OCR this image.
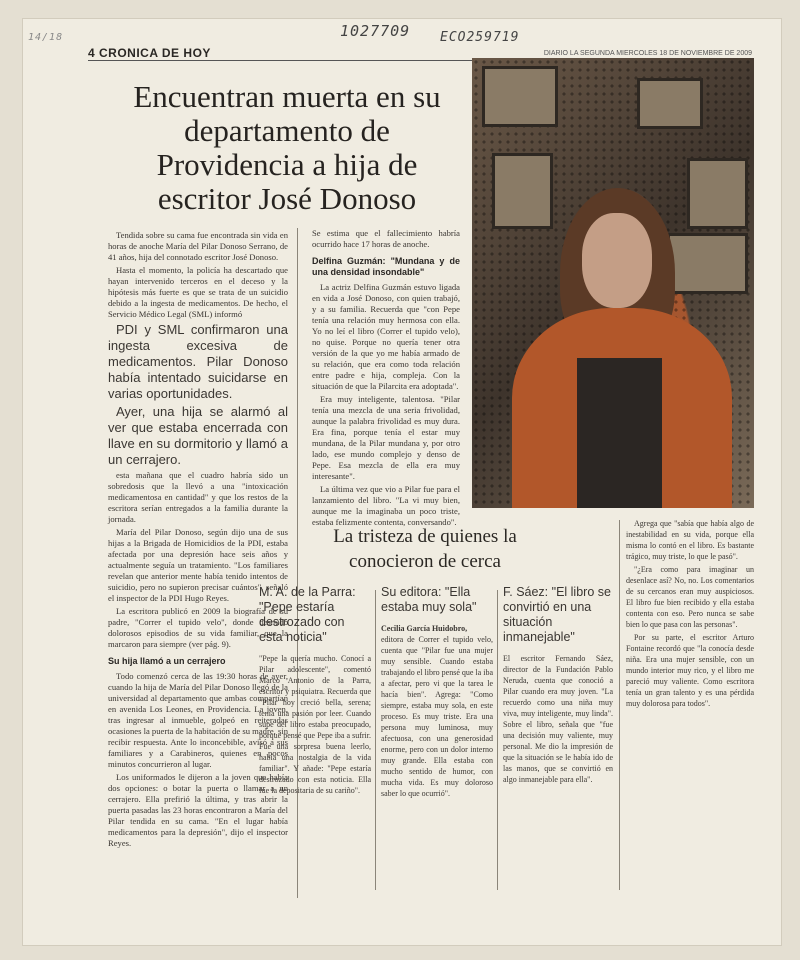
14/18	1027709 ECO259719
4 CRONICA DE HOY	DIARIO LA SEGUNDA MIERCOLES 18 DE NOVIEMBRE DE 2009
Encuentran muerta en su departamento de Providencia a hija de escritor José Donoso

Tendida sobre su cama fue encontrada sin vida en horas de anoche María del Pilar Donoso Serrano, de 41 años, hija del connotado escritor José Donoso.

Hasta el momento, la policía ha descartado que hayan intervenido terceros en el deceso y la hipótesis más fuerte es que se trata de un suicidio debido a la ingesta de medicamentos. De hecho, el Servicio Médico Legal (SML) informó

PDI y SML confirmaron una ingesta excesiva de medicamentos. Pilar Donoso había intentado suicidarse en varias oportunidades.

Ayer, una hija se alarmó al ver que estaba encerrada con llave en su dormitorio y llamó a un cerrajero.

esta mañana que el cuadro habría sido un sobredosis que la llevó a una "intoxicación medicamentosa en cantidad" y que los restos de la escritora serían entregados a la familia durante la jornada.

María del Pilar Donoso, según dijo una de sus hijas a la Brigada de Homicidios de la PDI, estaba afectada por una depresión hace seis años y actualmente seguía un tratamiento. "Los familiares revelan que anterior mente había tenido intentos de suicidio, pero no supieron precisar cuántos", señaló el inspector de la PDI Hugo Reyes.

La escritora publicó en 2009 la biografía de su padre, "Correr el tupido velo", donde desnudó dolorosos episodios de su vida familiar, que la marcaron para siempre (ver pág. 9).

Su hija llamó a un cerrajero

Todo comenzó cerca de las 19:30 horas de ayer, cuando la hija de María del Pilar Donoso llegó de la universidad al departamento que ambas compartían en avenida Los Leones, en Providencia. La joven, tras ingresar al inmueble, golpeó en reiteradas ocasiones la puerta de la habitación de su madre, sin recibir respuesta. Ante lo inconcebible, avisó a sus familiares y a Carabineros, quienes en pocos minutos concurrieron al lugar.

Los uniformados le dijeron a la joven que había dos opciones: o botar la puerta o llamar a un cerrajero. Ella prefirió la última, y tras abrir la puerta pasadas las 23 horas encontraron a María del Pilar tendida en su cama. "En el lugar había medicamentos para la depresión", dijo el inspector Reyes.

Se estima que el fallecimiento habría ocurrido hace 17 horas de anoche.

Delfina Guzmán: "Mundana y de una densidad insondable"

La actriz Delfina Guzmán estuvo ligada en vida a José Donoso, con quien trabajó, y a su familia. Recuerda que "con Pepe tenía una relación muy hermosa con ella. Yo no leí el libro (Correr el tupido velo), no quise. Porque no quería tener otra versión de la que yo me había armado de su relación, que era como toda relación entre padre e hija, compleja. Con la situación de que la Pilarcita era adoptada".

Era muy inteligente, talentosa. "Pilar tenía una mezcla de una seria frivolidad, aunque la palabra frivolidad es muy dura. Era fina, porque tenía el estar muy mundana, de la Pilar mundana y, por otro lado, ese mundo complejo y denso de Pepe. Esa mezcla de ella era muy interesante".

La última vez que vio a Pilar fue para el lanzamiento del libro. "La vi muy bien, aunque me la imaginaba un poco triste, estaba felizmente contenta, conversando".

La tristeza de quienes la conocieron de cerca
M. A. de la Parra: "Pepe estaría destrozado con esta noticia"
"Pepe la quería mucho. Conocí a Pilar adolescente", comentó Marco Antonio de la Parra, escritor y psiquiatra. Recuerda que "Pilar hoy creció bella, serena; tenía una pasión por leer. Cuando supe del libro estaba preocupado, porque pensé que Pepe iba a sufrir. Fue una sorpresa buena leerlo, había una nostalgia de la vida familiar". Y añade: "Pepe estaría destrozado con esta noticia. Ella fue la depositaria de su cariño".
Su editora: "Ella estaba muy sola"
Cecilia García Huidobro,
editora de Correr el tupido velo, cuenta que "Pilar fue una mujer muy sensible. Cuando estaba trabajando el libro pensé que la iba a afectar, pero vi que la tarea le hacía bien". Agrega: "Como siempre, estaba muy sola, en este proceso. Es muy triste. Era una persona muy luminosa, muy afectuosa, con una generosidad enorme, pero con un dolor interno muy grande. Ella estaba con mucho sentido de humor, con mucha vida. Es muy doloroso saber lo que ocurrió".
F. Sáez: "El libro se convirtió en una situación inmanejable"
El escritor Fernando Sáez, director de la Fundación Pablo Neruda, cuenta que conoció a Pilar cuando era muy joven. "La recuerdo como una niña muy viva, muy inteligente, muy linda". Sobre el libro, señala que "fue una decisión muy valiente, muy personal. Me dio la impresión de que la situación se le había ido de las manos, que se convirtió en algo inmanejable para ella".

Agrega que "sabía que había algo de inestabilidad en su vida, porque ella misma lo contó en el libro. Es bastante trágico, muy triste, lo que le pasó".

"¿Era como para imaginar un desenlace así? No, no. Los comentarios de su cercanos eran muy auspiciosos. El libro fue bien recibido y ella estaba contenta con eso. Pero nunca se sabe bien lo que pasa con las personas".

Por su parte, el escritor Arturo Fontaine recordó que "la conocía desde niña. Era una mujer sensible, con un mundo interior muy rico, y el libro me pareció muy valiente. Como escritora tenía un gran talento y es una pérdida muy dolorosa para todos".
